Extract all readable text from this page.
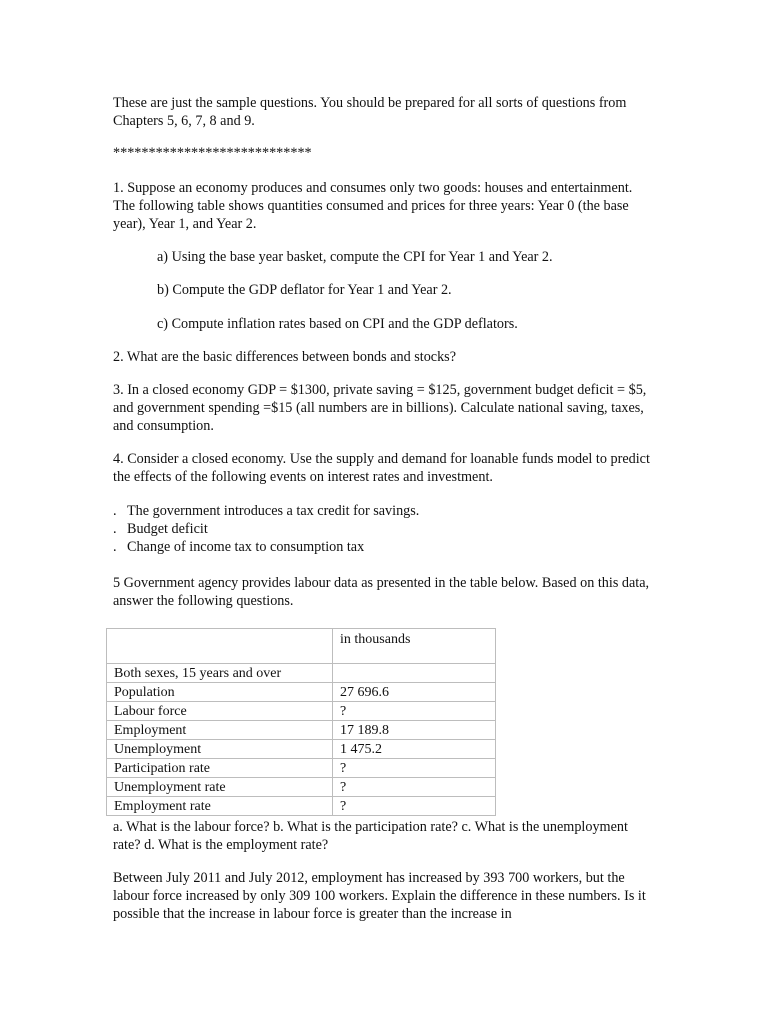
These are just the sample questions. You should be prepared for all sorts of questions from Chapters 5, 6, 7, 8 and 9.

****************************

1. Suppose an economy produces and consumes only two goods: houses and entertainment. The following table shows quantities consumed and prices for three years: Year 0 (the base year), Year 1, and Year 2.

a) Using the base year basket, compute the CPI for Year 1 and Year 2.

b) Compute the GDP deflator for Year 1 and Year 2.

c) Compute inflation rates based on CPI and the GDP deflators.

2. What are the basic differences between bonds and stocks?

3. In a closed economy GDP = $1300, private saving = $125, government budget deficit = $5, and government spending =$15 (all numbers are in billions). Calculate national saving, taxes, and consumption.

4. Consider a closed economy. Use the supply and demand for loanable funds model to predict the effects of the following events on interest rates and investment.

. The government introduces a tax credit for savings.

. Budget deficit

. Change of income tax to consumption tax

5 Government agency provides labour data as presented in the table below. Based on this data, answer the following questions.

	in thousands
Both sexes, 15 years and over	
Population	27 696.6
Labour force	?
Employment	17 189.8
Unemployment	1 475.2
Participation rate	?
Unemployment rate	?
Employment rate	?

a. What is the labour force? b. What is the participation rate? c. What is the unemployment rate? d. What is the employment rate?

Between July 2011 and July 2012, employment has increased by 393 700 workers, but the labour force increased by only 309 100 workers. Explain the difference in these numbers. Is it possible that the increase in labour force is greater than the increase in
